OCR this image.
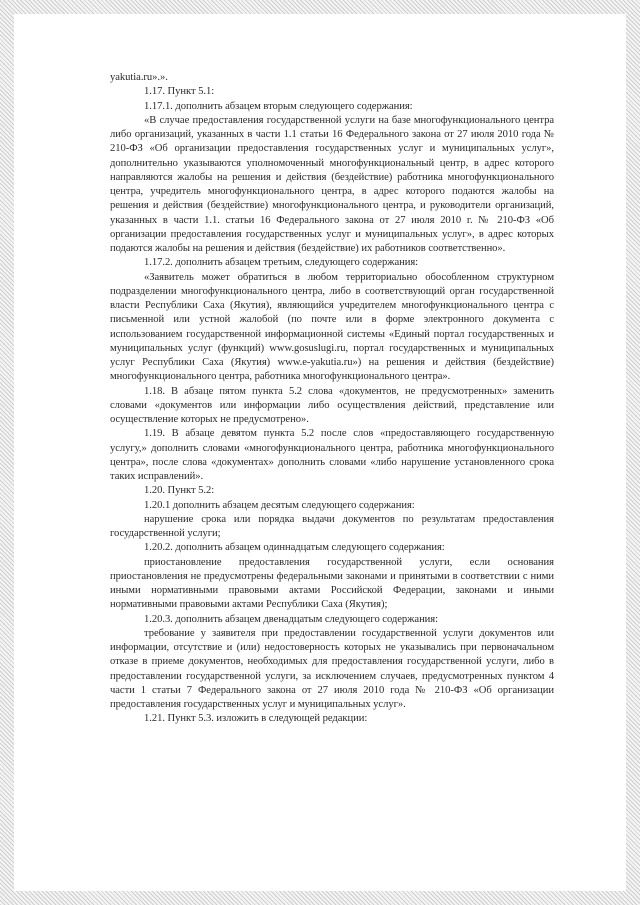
yakutia.ru».».

1.17. Пункт 5.1:

1.17.1. дополнить абзацем вторым следующего содержания:

«В случае предоставления государственной услуги на базе многофункционального центра либо организаций, указанных в части 1.1 статьи 16 Федерального закона от 27 июля 2010 года № 210-ФЗ «Об организации предоставления государственных услуг и муниципальных услуг», дополнительно указываются уполномоченный многофункциональный центр, в адрес которого направляются жалобы на решения и действия (бездействие) работника многофункционального центра, учредитель многофункционального центра, в адрес которого подаются жалобы на решения и действия (бездействие) многофункционального центра, и руководители организаций, указанных в части 1.1. статьи 16 Федерального закона от 27 июля 2010 г. № 210-ФЗ «Об организации предоставления государственных услуг и муниципальных услуг», в адрес которых подаются жалобы на решения и действия (бездействие) их работников соответственно».

1.17.2. дополнить абзацем третьим, следующего содержания:

«Заявитель может обратиться в любом территориально обособленном структурном подразделении многофункционального центра, либо в соответствующий орган государственной власти Республики Саха (Якутия), являющийся учредителем многофункционального центра с письменной или устной жалобой (по почте или в форме электронного документа с использованием государственной информационной системы «Единый портал государственных и муниципальных услуг (функций) www.gosuslugi.ru, портал государственных и муниципальных услуг Республики Саха (Якутия) www.e-yakutia.ru») на решения и действия (бездействие) многофункционального центра, работника многофункционального центра».

1.18. В абзаце пятом пункта 5.2 слова «документов, не предусмотренных» заменить словами «документов или информации либо осуществления действий, представление или осуществление которых не предусмотрено».

1.19. В абзаце девятом пункта 5.2 после слов «предоставляющего государственную услугу,» дополнить словами «многофункционального центра, работника многофункционального центра», после слова «документах» дополнить словами «либо нарушение установленного срока таких исправлений».

1.20. Пункт 5.2:

1.20.1 дополнить абзацем десятым следующего содержания:

нарушение срока или порядка выдачи документов по результатам предоставления государственной услуги;

1.20.2. дополнить абзацем одиннадцатым следующего содержания:

приостановление предоставления государственной услуги, если основания приостановления не предусмотрены федеральными законами и принятыми в соответствии с ними иными нормативными правовыми актами Российской Федерации, законами и иными нормативными правовыми актами Республики Саха (Якутия);

1.20.3. дополнить абзацем двенадцатым следующего содержания:

требование у заявителя при предоставлении государственной услуги документов или информации, отсутствие и (или) недостоверность которых не указывались при первоначальном отказе в приеме документов, необходимых для предоставления государственной услуги, либо в предоставлении государственной услуги, за исключением случаев, предусмотренных пунктом 4 части 1 статьи 7 Федерального закона от 27 июля 2010 года № 210-ФЗ «Об организации предоставления государственных услуг и муниципальных услуг».

1.21. Пункт 5.3. изложить в следующей редакции:
